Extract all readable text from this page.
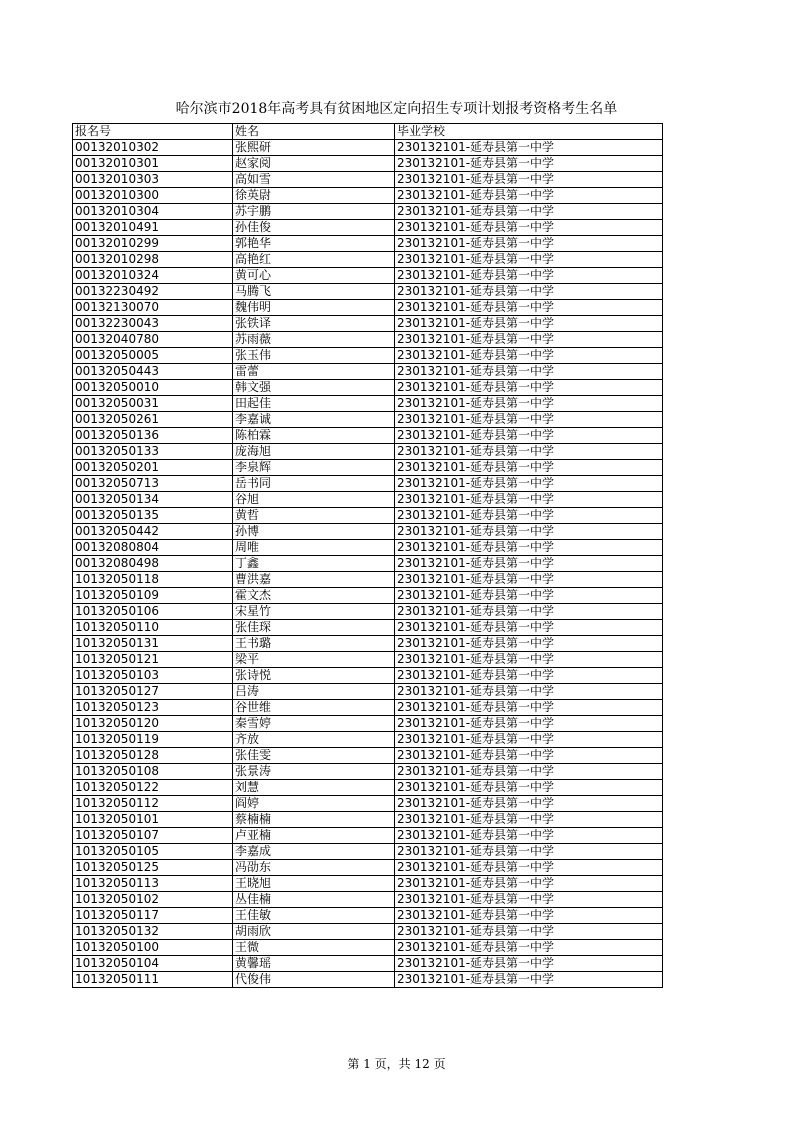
哈尔滨市2018年高考具有贫困地区定向招生专项计划报考资格考生名单
报名号	姓名	毕业学校
00132010302	张熙研	230132101-延寿县第一中学
00132010301	赵家阅	230132101-延寿县第一中学
00132010303	高如雪	230132101-延寿县第一中学
00132010300	徐英尉	230132101-延寿县第一中学
00132010304	苏宇鹏	230132101-延寿县第一中学
00132010491	孙佳俊	230132101-延寿县第一中学
00132010299	郭艳华	230132101-延寿县第一中学
00132010298	高艳红	230132101-延寿县第一中学
00132010324	黄可心	230132101-延寿县第一中学
00132230492	马腾飞	230132101-延寿县第一中学
00132130070	魏伟明	230132101-延寿县第一中学
00132230043	张铁译	230132101-延寿县第一中学
00132040780	苏雨薇	230132101-延寿县第一中学
00132050005	张玉伟	230132101-延寿县第一中学
00132050443	雷蕾	230132101-延寿县第一中学
00132050010	韩文强	230132101-延寿县第一中学
00132050031	田起佳	230132101-延寿县第一中学
00132050261	李嘉诚	230132101-延寿县第一中学
00132050136	陈柏霖	230132101-延寿县第一中学
00132050133	庞海旭	230132101-延寿县第一中学
00132050201	李泉辉	230132101-延寿县第一中学
00132050713	岳书同	230132101-延寿县第一中学
00132050134	谷旭	230132101-延寿县第一中学
00132050135	黄哲	230132101-延寿县第一中学
00132050442	孙博	230132101-延寿县第一中学
00132080804	周唯	230132101-延寿县第一中学
00132080498	丁鑫	230132101-延寿县第一中学
10132050118	曹洪嘉	230132101-延寿县第一中学
10132050109	霍文杰	230132101-延寿县第一中学
10132050106	宋星竹	230132101-延寿县第一中学
10132050110	张佳琛	230132101-延寿县第一中学
10132050131	王书璐	230132101-延寿县第一中学
10132050121	梁平	230132101-延寿县第一中学
10132050103	张诗悦	230132101-延寿县第一中学
10132050127	吕涛	230132101-延寿县第一中学
10132050123	谷世维	230132101-延寿县第一中学
10132050120	秦雪婷	230132101-延寿县第一中学
10132050119	齐放	230132101-延寿县第一中学
10132050128	张佳雯	230132101-延寿县第一中学
10132050108	张景涛	230132101-延寿县第一中学
10132050122	刘慧	230132101-延寿县第一中学
10132050112	阎婷	230132101-延寿县第一中学
10132050101	蔡楠楠	230132101-延寿县第一中学
10132050107	卢亚楠	230132101-延寿县第一中学
10132050105	李嘉成	230132101-延寿县第一中学
10132050125	冯劭东	230132101-延寿县第一中学
10132050113	王晓旭	230132101-延寿县第一中学
10132050102	丛佳楠	230132101-延寿县第一中学
10132050117	王佳敏	230132101-延寿县第一中学
10132050132	胡雨欣	230132101-延寿县第一中学
10132050100	王微	230132101-延寿县第一中学
10132050104	黄馨瑶	230132101-延寿县第一中学
10132050111	代俊伟	230132101-延寿县第一中学
第 1 页，共 12 页
